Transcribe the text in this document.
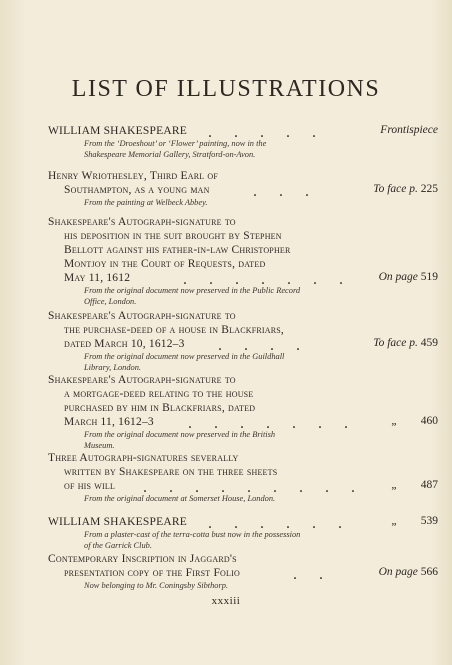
LIST OF ILLUSTRATIONS
WILLIAM SHAKESPEARE	. . . . .	Frontispiece
From the ‘Droeshout’ or ‘Flower’ painting, now in the
Shakespeare Memorial Gallery, Stratford-on-Avon.
Henry Wriothesley, Third Earl of
Southampton, as a young man	. . .	To face p. 225
From the painting at Welbeck Abbey.
Shakespeare's Autograph-signature to
his deposition in the suit brought by Stephen
Bellott against his father-in-law Christopher
Montjoy in the Court of Requests, dated
May 11, 1612	. . . . . . . On page 519
From the original document now preserved in the Public Record
Office, London.
Shakespeare's Autograph-signature to
the purchase-deed of a house in Blackfriars,
dated March 10, 1612–3	. . . .	To face p. 459
From the original document now preserved in the Guildhall
Library, London.
Shakespeare's Autograph-signature to
a mortgage-deed relating to the house
purchased by him in Blackfriars, dated
March 11, 1612–3	. . . . . . .	„ 460
From the original document now preserved in the British
Museum.
Three Autograph-signatures severally
written by Shakespeare on the three sheets
of his will	. . . . . . . . . „ 487
From the original document at Somerset House, London.
WILLIAM SHAKESPEARE	. . . . . .	„ 539
From a plaster-cast of the terra-cotta bust now in the possession
of the Garrick Club.
Contemporary Inscription in Jaggard's
presentation copy of the First Folio	. .	On page 566
Now belonging to Mr. Coningsby Sibthorp.
xxxiii
